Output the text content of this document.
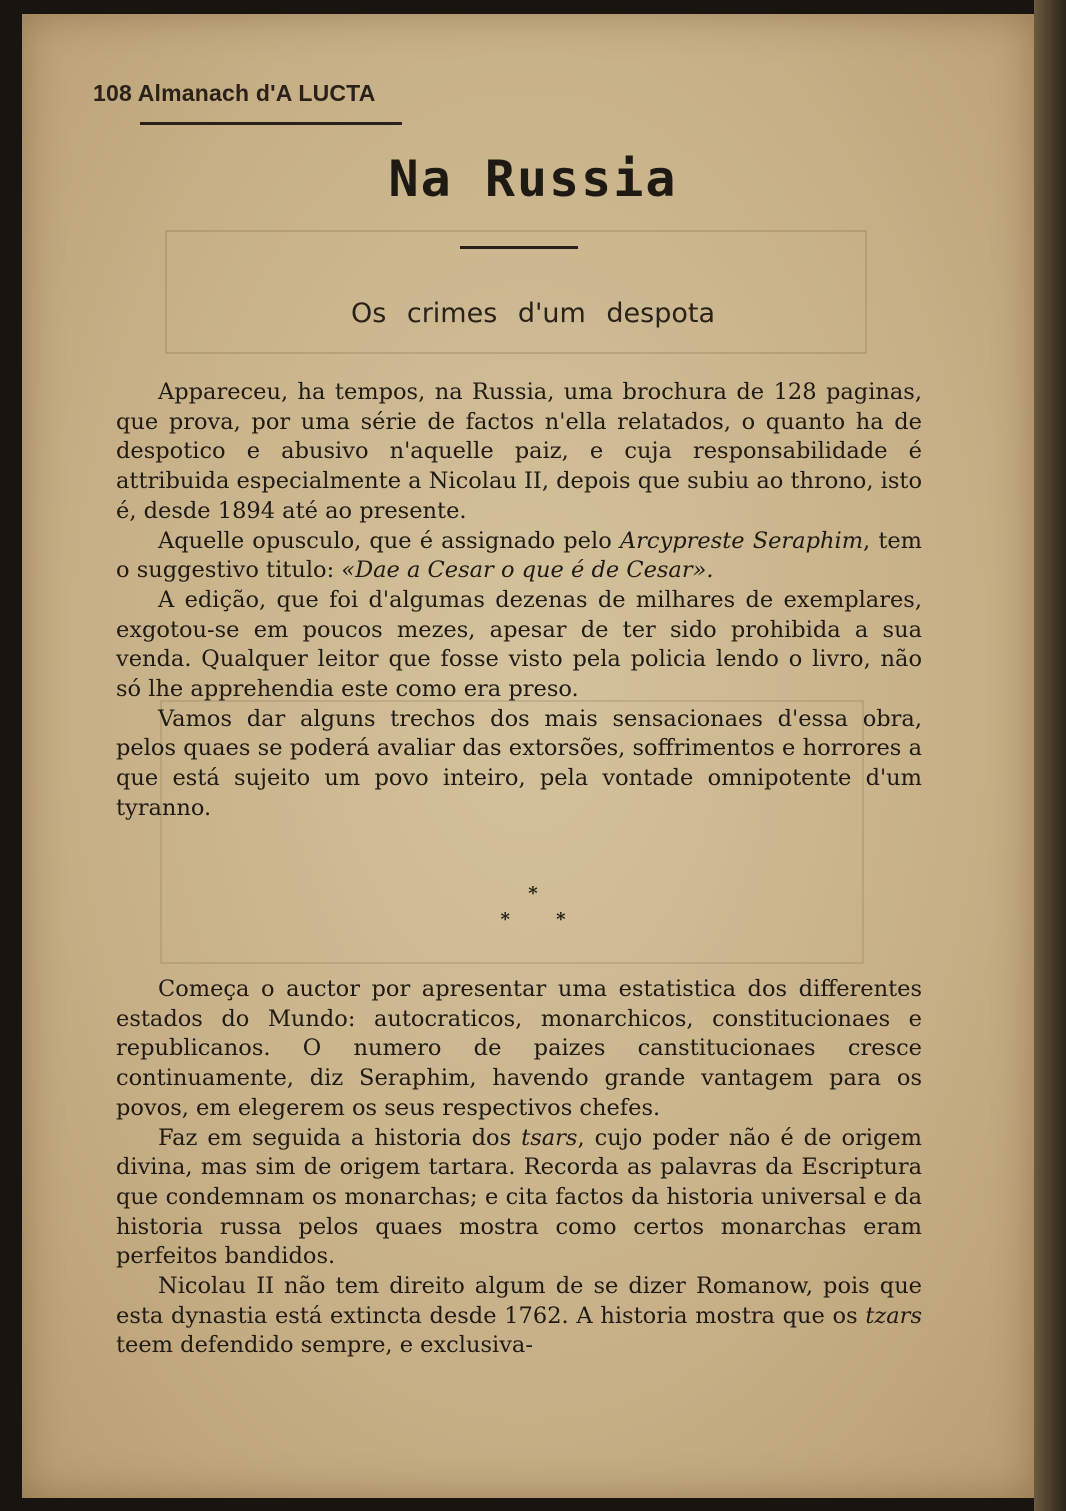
108 Almanach d'A LUCTA
Na Russia
Os crimes d'um despota

Appareceu, ha tempos, na Russia, uma brochura de 128 paginas, que prova, por uma série de factos n'ella relatados, o quanto ha de despotico e abusivo n'aquelle paiz, e cuja responsabilidade é attribuida especialmente a Nicolau II, depois que subiu ao throno, isto é, desde 1894 até ao presente.

Aquelle opusculo, que é assignado pelo Arcypreste Seraphim, tem o suggestivo titulo: «Dae a Cesar o que é de Cesar».

A edição, que foi d'algumas dezenas de milhares de exemplares, exgotou-se em poucos mezes, apesar de ter sido prohibida a sua venda. Qualquer leitor que fosse visto pela policia lendo o livro, não só lhe apprehendia este como era preso.

Vamos dar alguns trechos dos mais sensacionaes d'essa obra, pelos quaes se poderá avaliar das extorsões, soffrimentos e horrores a que está sujeito um povo inteiro, pela vontade omnipotente d'um tyranno.

*
* *

Começa o auctor por apresentar uma estatistica dos differentes estados do Mundo: autocraticos, monarchicos, constitucionaes e republicanos. O numero de paizes canstitucionaes cresce continuamente, diz Seraphim, havendo grande vantagem para os povos, em elegerem os seus respectivos chefes.

Faz em seguida a historia dos tsars, cujo poder não é de origem divina, mas sim de origem tartara. Recorda as palavras da Escriptura que condemnam os monarchas; e cita factos da historia universal e da historia russa pelos quaes mostra como certos monarchas eram perfeitos bandidos.

Nicolau II não tem direito algum de se dizer Romanow, pois que esta dynastia está extincta desde 1762. A historia mostra que os tzars teem defendido sempre, e exclusiva-
